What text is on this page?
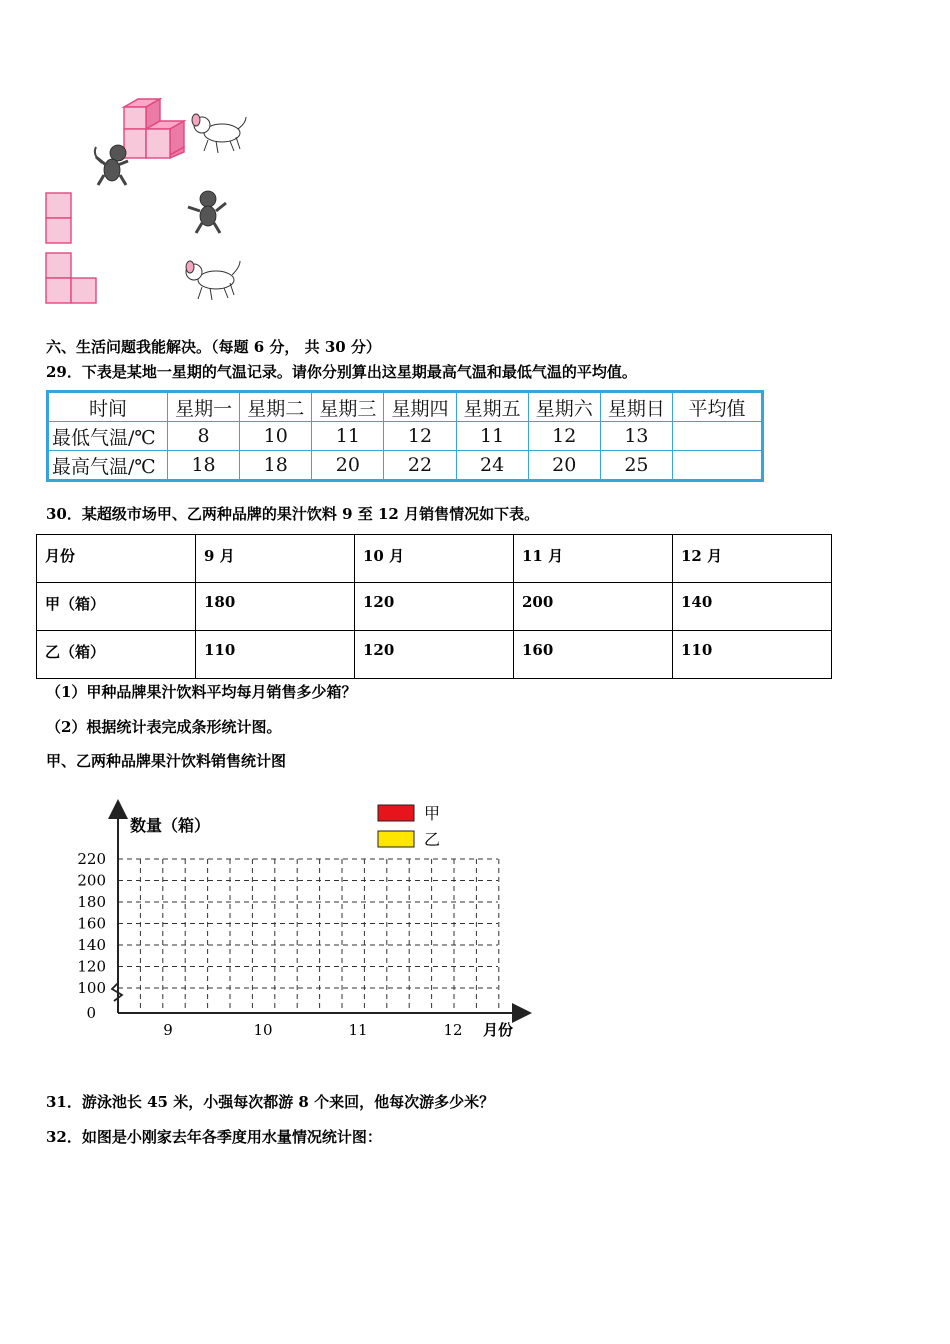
六、生活问题我能解决。（每题 6 分， 共 30 分）
29．下表是某地一星期的气温记录。请你分别算出这星期最高气温和最低气温的平均值。
时间	星期一	星期二	星期三	星期四	星期五	星期六	星期日	平均值
最低气温/℃	8	10	11	12	11	12	13	
最高气温/℃	18	18	20	22	24	20	25	
30．某超级市场甲、乙两种品牌的果汁饮料 9 至 12 月销售情况如下表。
月份	9 月	10 月	11 月	12 月
甲（箱）	180	120	200	140
乙（箱）	110	120	160	110
（1）甲种品牌果汁饮料平均每月销售多少箱？
（2）根据统计表完成条形统计图。
甲、乙两种品牌果汁饮料销售统计图
220
200
180
160
140
120
100
0
9	10	11	12
数量（箱）
月份
甲
乙
31．游泳池长 45 米，小强每次都游 8 个来回，他每次游多少米？
32．如图是小刚家去年各季度用水量情况统计图：
